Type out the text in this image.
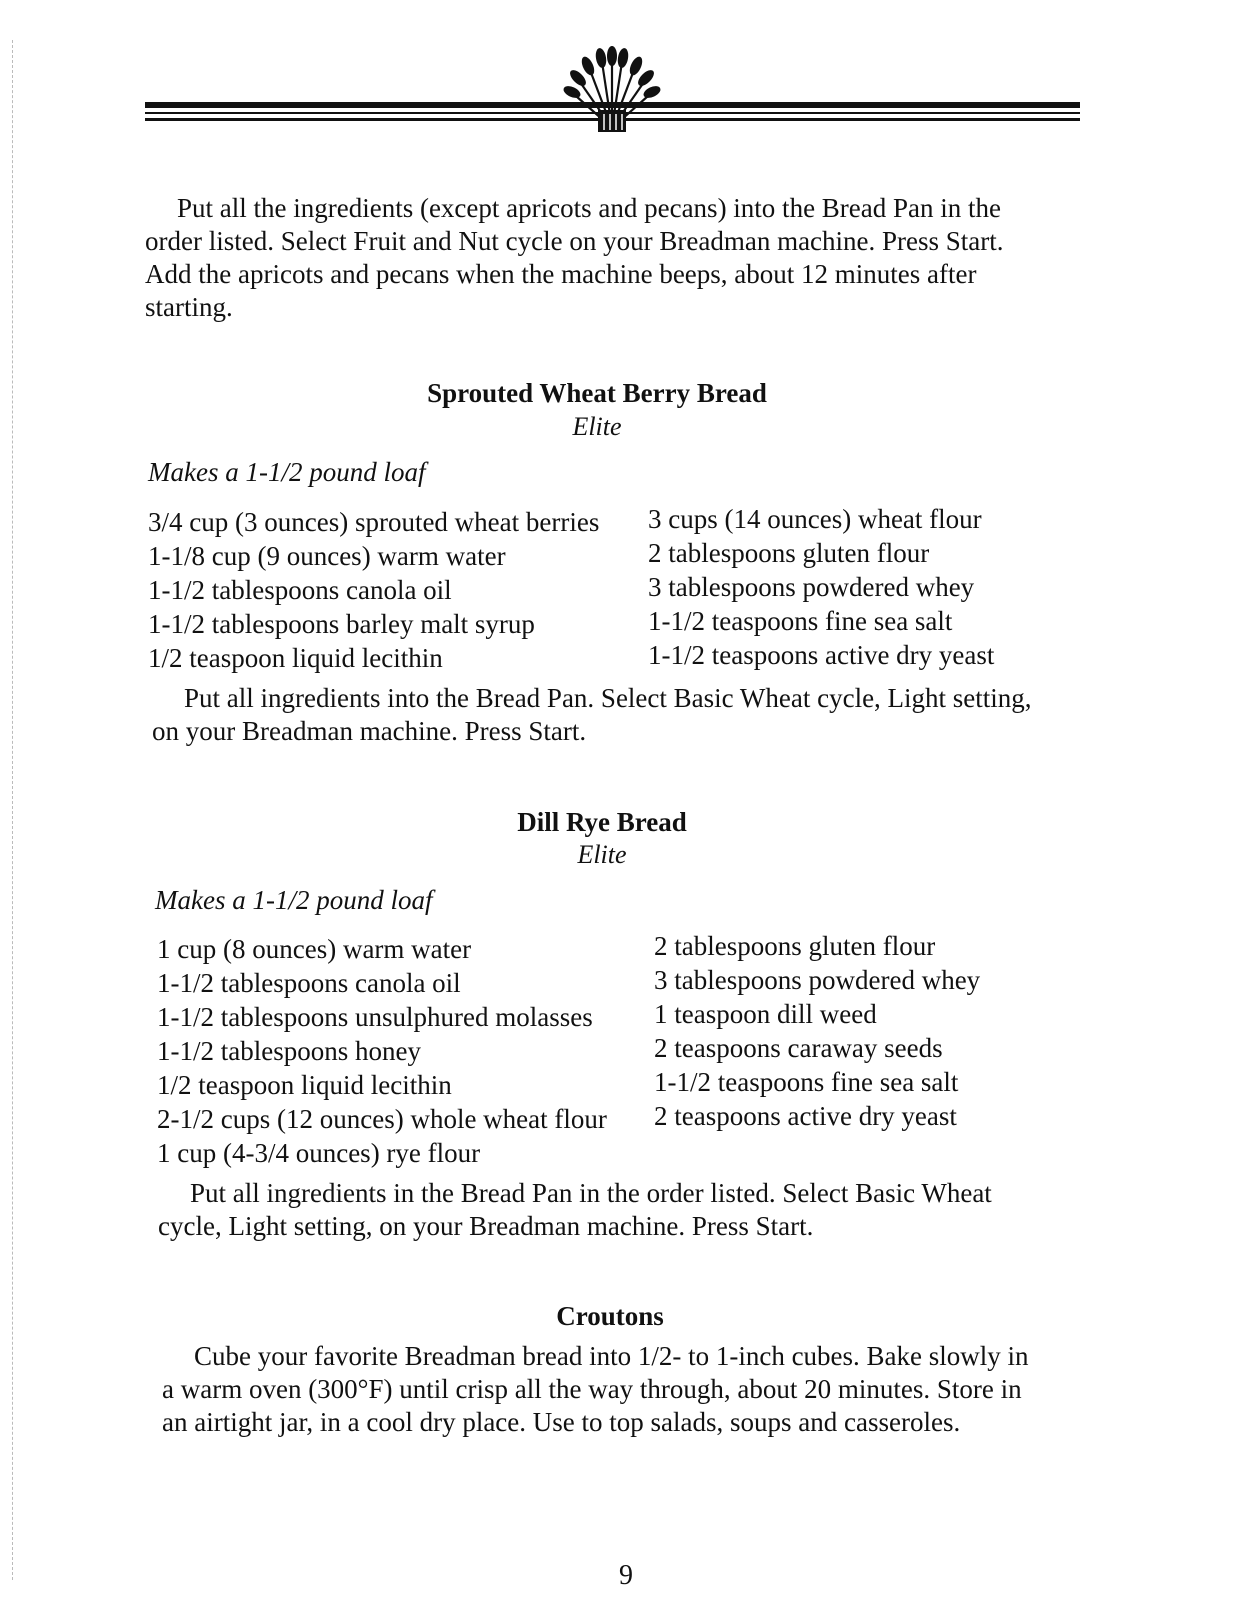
Put all the ingredients (except apricots and pecans) into the Bread Pan in the order listed. Select Fruit and Nut cycle on your Breadman machine. Press Start. Add the apricots and pecans when the machine beeps, about 12 minutes after starting.

Sprouted Wheat Berry Bread
Elite
Makes a 1-1/2 pound loaf
3/4 cup (3 ounces) sprouted wheat berries
1-1/8 cup (9 ounces) warm water
1-1/2 tablespoons canola oil
1-1/2 tablespoons barley malt syrup
1/2 teaspoon liquid lecithin
3 cups (14 ounces) wheat flour
2 tablespoons gluten flour
3 tablespoons powdered whey
1-1/2 teaspoons fine sea salt
1-1/2 teaspoons active dry yeast

Put all ingredients into the Bread Pan. Select Basic Wheat cycle, Light setting, on your Breadman machine. Press Start.

Dill Rye Bread
Elite
Makes a 1-1/2 pound loaf
1 cup (8 ounces) warm water
1-1/2 tablespoons canola oil
1-1/2 tablespoons unsulphured molasses
1-1/2 tablespoons honey
1/2 teaspoon liquid lecithin
2-1/2 cups (12 ounces) whole wheat flour
1 cup (4-3/4 ounces) rye flour
2 tablespoons gluten flour
3 tablespoons powdered whey
1 teaspoon dill weed
2 teaspoons caraway seeds
1-1/2 teaspoons fine sea salt
2 teaspoons active dry yeast

Put all ingredients in the Bread Pan in the order listed. Select Basic Wheat cycle, Light setting, on your Breadman machine. Press Start.

Croutons

Cube your favorite Breadman bread into 1/2- to 1-inch cubes. Bake slowly in a warm oven (300°F) until crisp all the way through, about 20 minutes. Store in an airtight jar, in a cool dry place. Use to top salads, soups and casseroles.

9
